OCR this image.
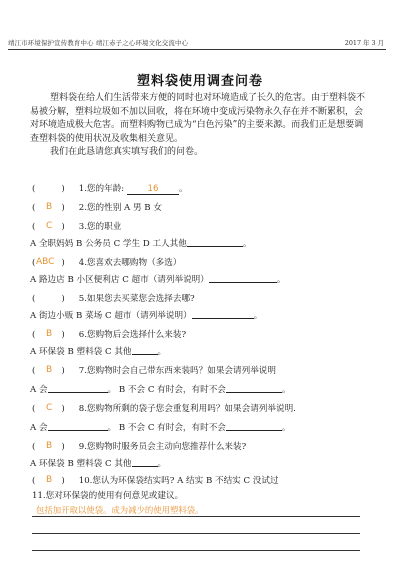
靖江市环境保护宣传教育中心 靖江赤子之心环境文化交流中心	2017 年 3 月
塑料袋使用调查问卷

塑料袋在给人们生活带来方便的同时也对环境造成了长久的危害。由于塑料袋不易被分解，塑料垃圾如不加以回收，将在环境中变成污染物永久存在并不断累积，会对环境造成极大危害。而塑料购物已成为“白色污染”的主要来源。而我们正是想要调查塑料袋的使用状况及收集相关意见。

我们在此恳请您真实填写我们的问卷。

(	) 1.您的年龄:	16 。
( B ) 2.您的性别 A 男 B 女
( C ) 3.您的职业
A 全职妈妈 B 公务员 C 学生 D 工人其他	。
( ABC ) 4.您喜欢去哪购物（多选）
A 路边店 B 小区便利店 C 超市（请列举说明）	。
(	) 5.如果您去买菜您会选择去哪?
A 街边小贩 B 菜场 C 超市（请列举说明）	。
( B ) 6.您购物后会选择什么来装?
A 环保袋 B 塑料袋 C 其他	。
( B ) 7.您购物时会自己带东西来装吗？如果会请列举说明
A 会	。 B 不会 C 有时会，有时不会	。
( C ) 8.您购物所剩的袋子您会重复利用吗？如果会请列举说明.
A 会	。 B 不会 C 有时会，有时不会	。
( B ) 9.您购物时服务员会主动向您推荐什么来装?
A 环保袋 B 塑料袋 C 其他	。
( B ) 10.您认为环保袋结实吗? A 结实 B 不结实 C 没试过
11.您对环保袋的使用有何意见或建议。
包括加开取以使袋。成为减少的使用塑料袋。
